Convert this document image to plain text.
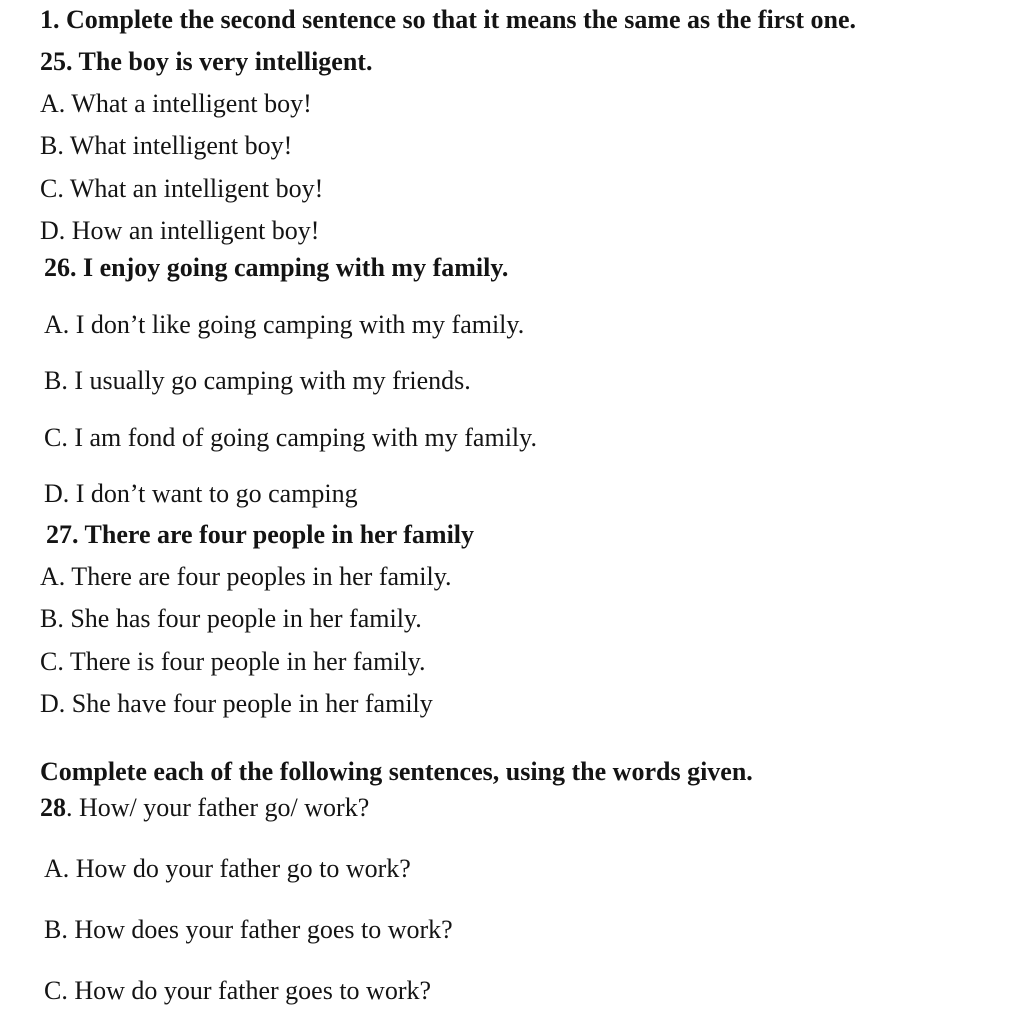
1. Complete the second sentence so that it means the same as the first one.
25. The boy is very intelligent.
A. What a intelligent boy!
B. What intelligent boy!
C. What an intelligent boy!
D. How an intelligent boy!
26. I enjoy going camping with my family.
A. I don’t like going camping with my family.
B. I usually go camping with my friends.
C. I am fond of going camping with my family.
D. I don’t want to go camping
27. There are four people in her family
A. There are four peoples in her family.
B. She has four people in her family.
C. There is four people in her family.
D. She have four people in her family
Complete each of the following sentences, using the words given.
28. How/ your father go/ work?
A. How do your father go to work?
B. How does your father goes to work?
C. How do your father goes to work?
